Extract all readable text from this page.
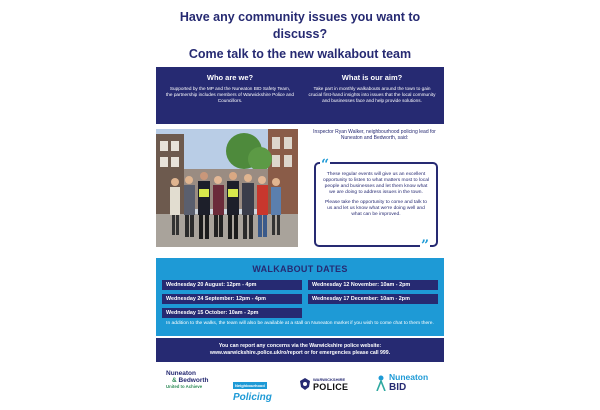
Have any community issues you want to
discuss?
Come talk to the new walkabout team
Who are we?

Supported by the MP and the Nuneaton BID Safety Team, the partnership includes members of Warwickshire Police and Councillors.

What is our aim?

Take part in monthly walkabouts around the town to gain crucial first-hand insights into issues that the local community and businesses face and help provide solutions.

Inspector Ryan Walker, neighbourhood policing lead for Nuneaton and Bedworth, said:
“

These regular events will give us an excellent opportunity to listen to what matters most to local people and businesses and let them know what we are doing to address issues in the town.

Please take the opportunity to come and talk to us and let us know what we're doing well and what can be improved.

”
WALKABOUT DATES
Wednesday 20 August: 12pm - 4pm	Wednesday 12 November: 10am - 2pm
Wednesday 24 September: 12pm - 4pm	Wednesday 17 December: 10am - 2pm
Wednesday 15 October: 10am - 2pm
In addition to the walks, the team will also be available at a stall on Nuneaton market if you wish to come chat to them there.
You can report any concerns via the Warwickshire police website:
www.warwickshire.police.uk/ro/report or for emergencies please call 999.
Nuneaton
& Bedworth
United to Achieve	Neighbourhood
Policing
WARWICKSHIRE
POLICE
Nuneaton
BID
